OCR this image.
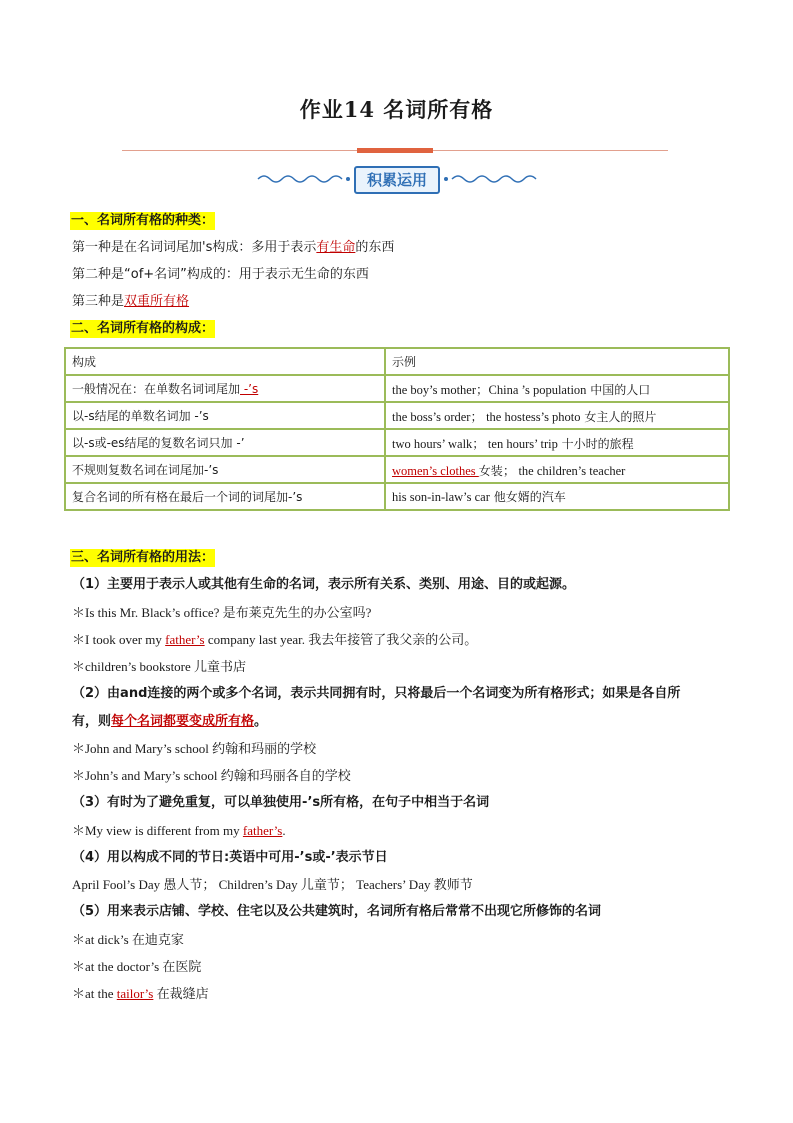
作业14 名词所有格
积累运用
一、名词所有格的种类：
第一种是在名词词尾加's构成：多用于表示有生命的东西
第二种是“of+名词”构成的：用于表示无生命的东西
第三种是双重所有格
二、名词所有格的构成：
构成	示例
一般情况在：在单数名词词尾加 -’s	the boy’s mother；China ’s population 中国的人口
以-s结尾的单数名词加 -’s	the boss’s order； the hostess’s photo 女主人的照片
以-s或-es结尾的复数名词只加 -’	two hours’ walk； ten hours’ trip 十小时的旅程
不规则复数名词在词尾加-’s	women’s clothes 女装； the children’s teacher
复合名词的所有格在最后一个词的词尾加-’s	his son-in-law’s car 他女婿的汽车
三、名词所有格的用法：
（1）主要用于表示人或其他有生命的名词，表示所有关系、类别、用途、目的或起源。
＊Is this Mr. Black’s office? 是布莱克先生的办公室吗?
＊I took over my father’s company last year. 我去年接管了我父亲的公司。
＊children’s bookstore 儿童书店
（2）由and连接的两个或多个名词，表示共同拥有时，只将最后一个名词变为所有格形式；如果是各自所
有，则每个名词都要变成所有格。
＊John and Mary’s school 约翰和玛丽的学校
＊John’s and Mary’s school 约翰和玛丽各自的学校
（3）有时为了避免重复，可以单独使用-’s所有格，在句子中相当于名词
＊My view is different from my father’s.
（4）用以构成不同的节日:英语中可用-’s或-’表示节日
April Fool’s Day 愚人节； Children’s Day 儿童节； Teachers’ Day 教师节
（5）用来表示店铺、学校、住宅以及公共建筑时，名词所有格后常常不出现它所修饰的名词
＊at dick’s 在迪克家
＊at the doctor’s 在医院
＊at the tailor’s 在裁缝店
